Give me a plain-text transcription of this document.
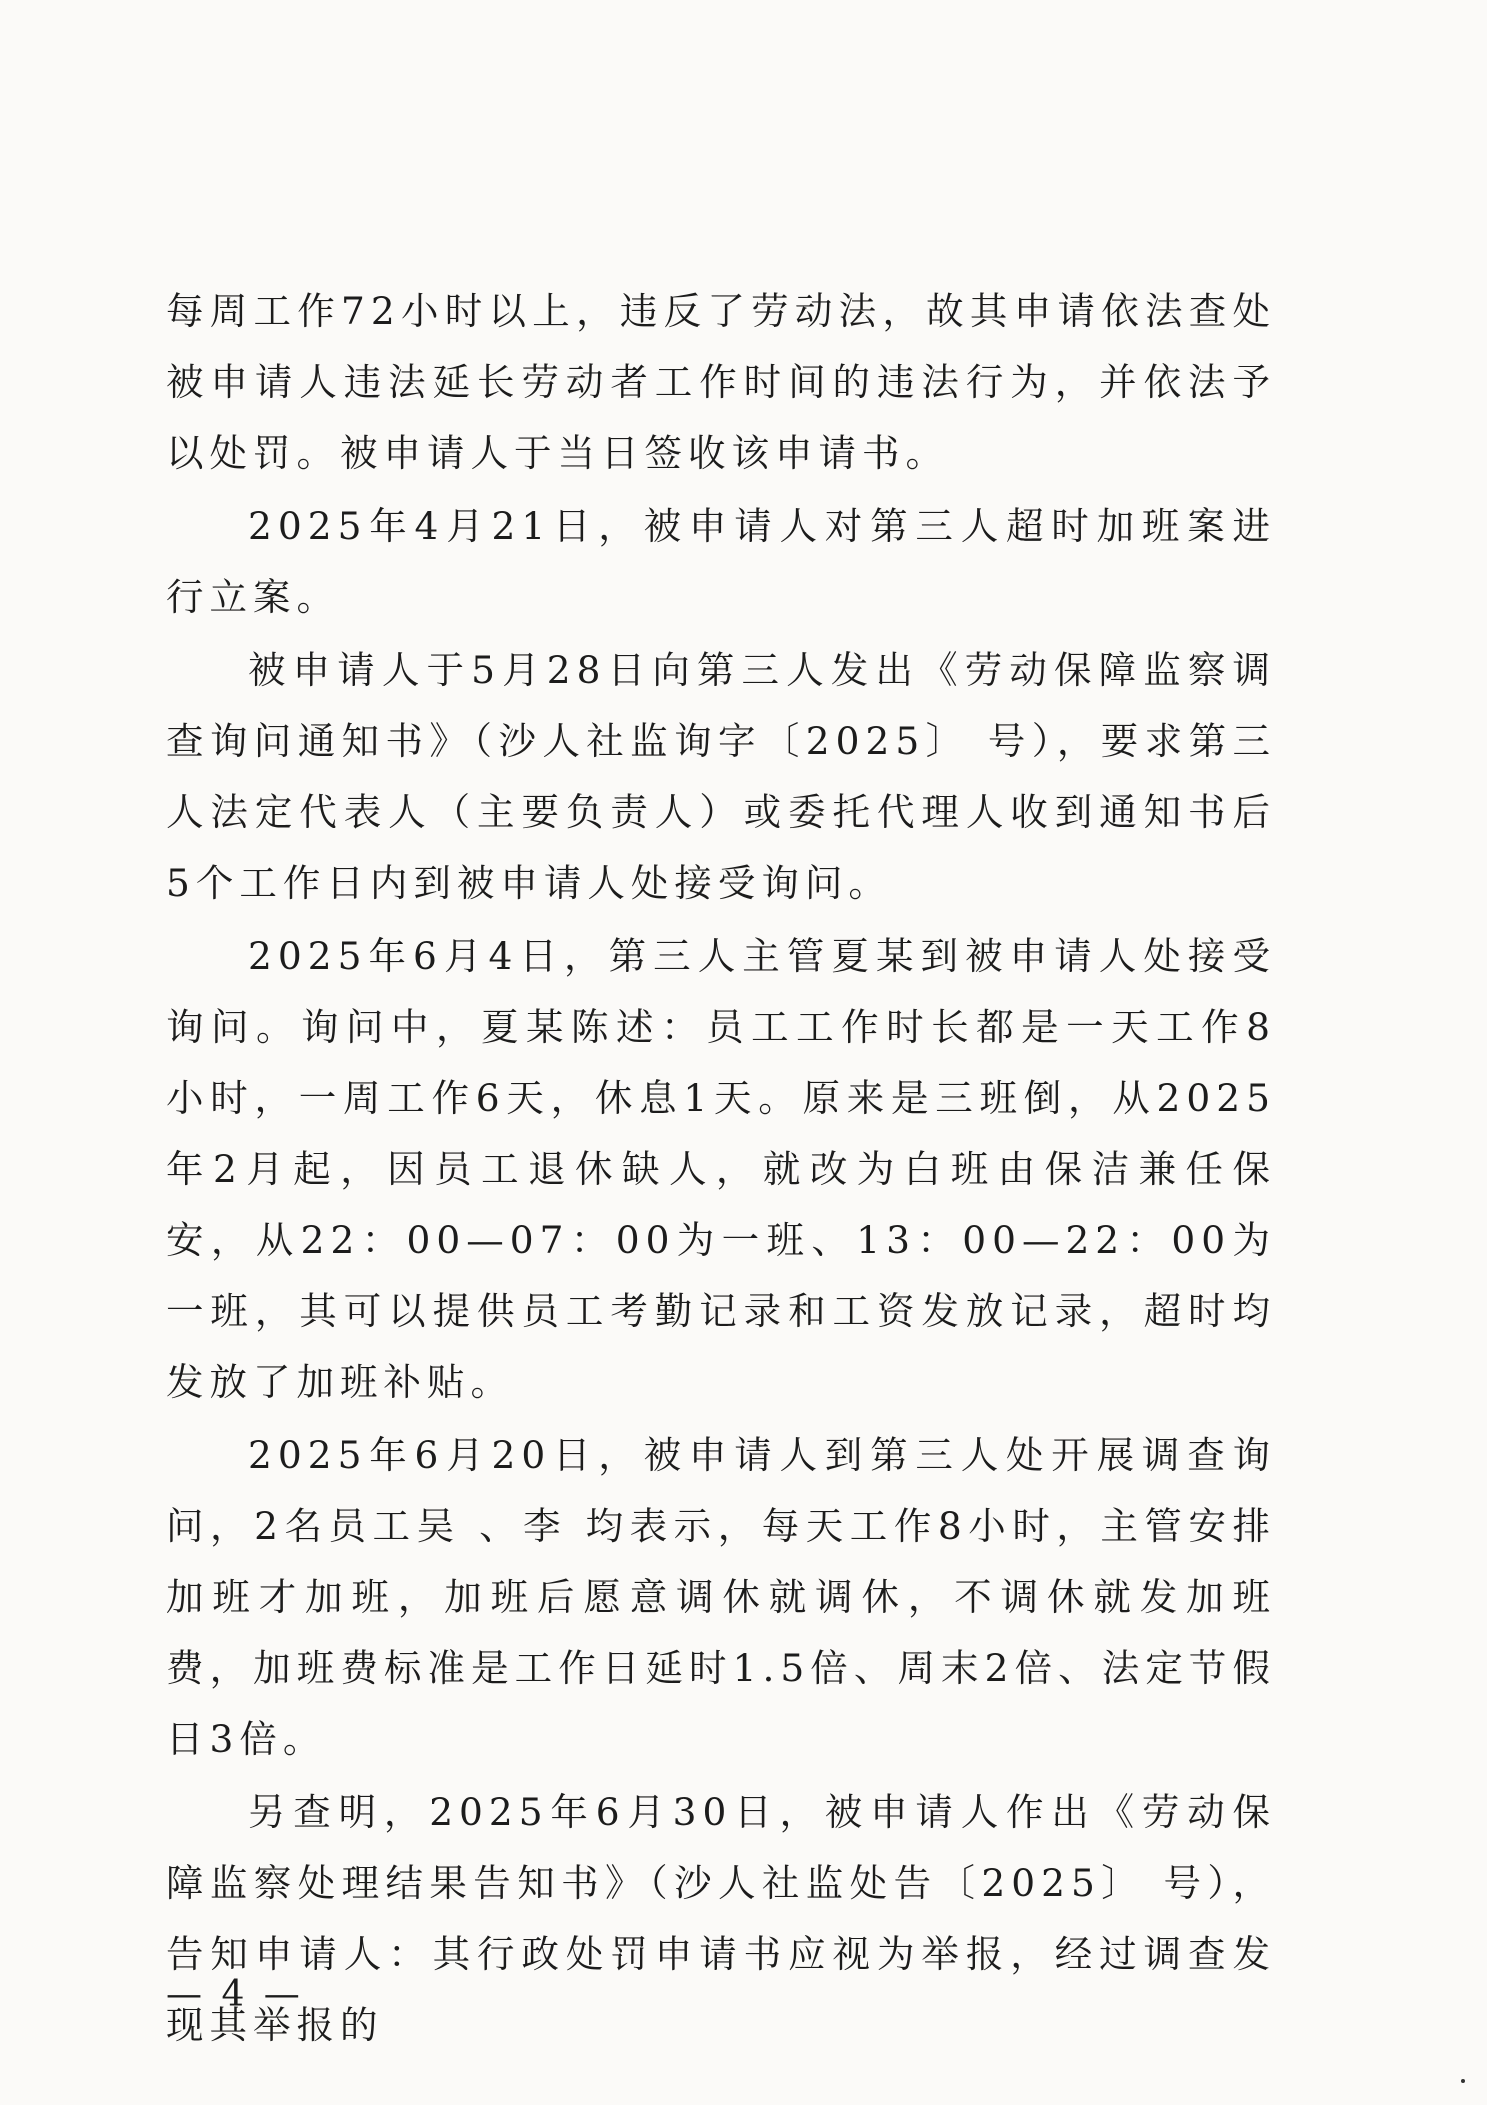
每周工作72小时以上，违反了劳动法，故其申请依法查处被申请人违法延长劳动者工作时间的违法行为，并依法予以处罚。被申请人于当日签收该申请书。

2025年4月21日，被申请人对第三人超时加班案进行立案。

被申请人于5月28日向第三人发出《劳动保障监察调查询问通知书》（沙人社监询字〔2025〕 号），要求第三人法定代表人（主要负责人）或委托代理人收到通知书后5个工作日内到被申请人处接受询问。

2025年6月4日，第三人主管夏某到被申请人处接受询问。询问中，夏某陈述：员工工作时长都是一天工作8小时，一周工作6天，休息1天。原来是三班倒，从2025年2月起，因员工退休缺人，就改为白班由保洁兼任保安，从22：00—07：00为一班、13：00—22：00为一班，其可以提供员工考勤记录和工资发放记录，超时均发放了加班补贴。

2025年6月20日，被申请人到第三人处开展调查询问，2名员工吴 、李 均表示，每天工作8小时，主管安排加班才加班，加班后愿意调休就调休，不调休就发加班费，加班费标准是工作日延时1.5倍、周末2倍、法定节假日3倍。

另查明，2025年6月30日，被申请人作出《劳动保障监察处理结果告知书》（沙人社监处告〔2025〕 号），告知申请人：其行政处罚申请书应视为举报，经过调查发现其举报的

— 4 —
